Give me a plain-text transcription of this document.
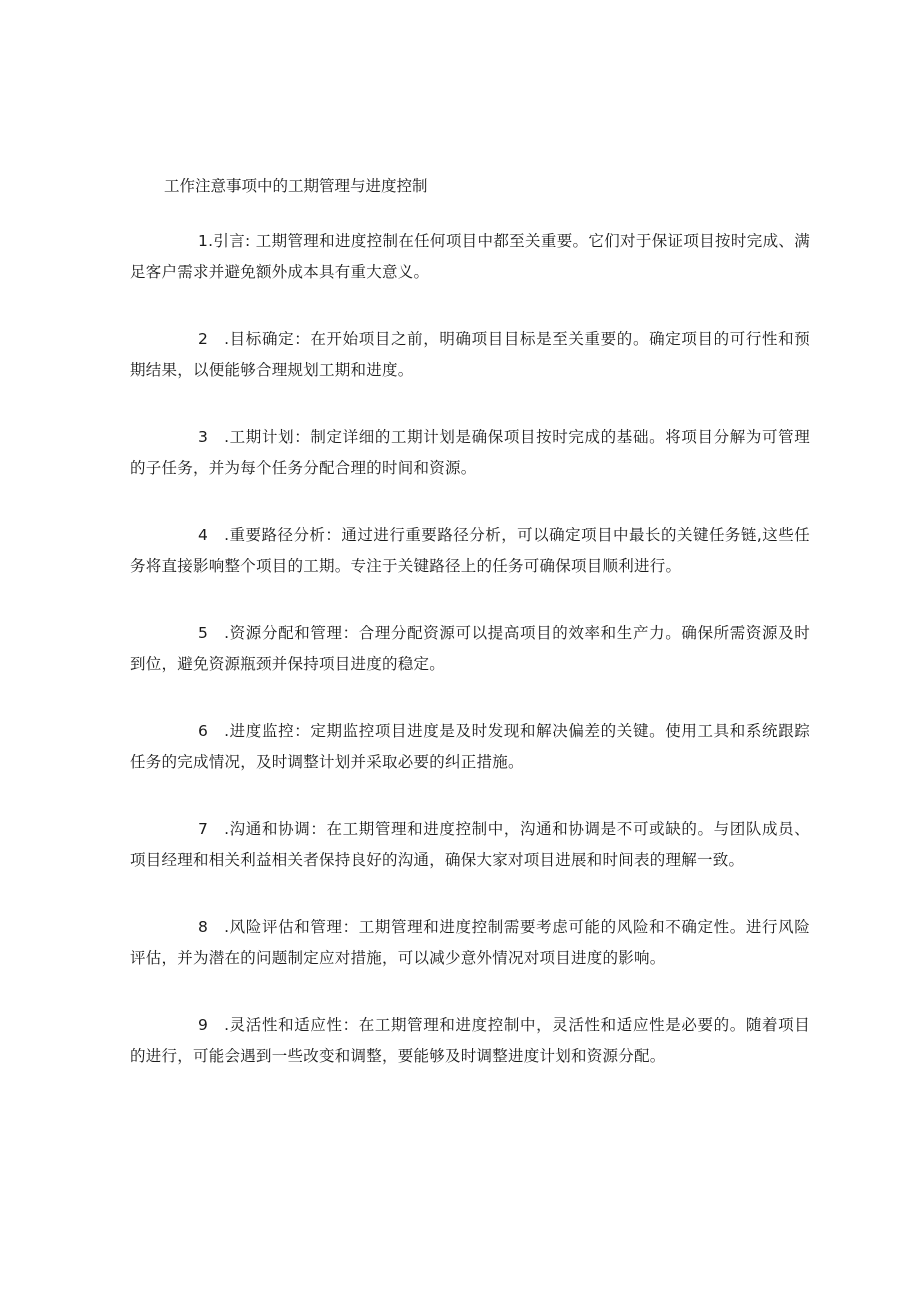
工作注意事项中的工期管理与进度控制

1.引言: 工期管理和进度控制在任何项目中都至关重要。它们对于保证项目按时完成、满足客户需求并避免额外成本具有重大意义。

2 .目标确定：在开始项目之前，明确项目目标是至关重要的。确定项目的可行性和预期结果，以便能够合理规划工期和进度。

3 .工期计划：制定详细的工期计划是确保项目按时完成的基础。将项目分解为可管理的子任务，并为每个任务分配合理的时间和资源。

4 .重要路径分析：通过进行重要路径分析，可以确定项目中最长的关键任务链,这些任务将直接影响整个项目的工期。专注于关键路径上的任务可确保项目顺利进行。

5 .资源分配和管理：合理分配资源可以提高项目的效率和生产力。确保所需资源及时到位，避免资源瓶颈并保持项目进度的稳定。

6 .进度监控：定期监控项目进度是及时发现和解决偏差的关键。使用工具和系统跟踪任务的完成情况，及时调整计划并采取必要的纠正措施。

7 .沟通和协调：在工期管理和进度控制中，沟通和协调是不可或缺的。与团队成员、项目经理和相关利益相关者保持良好的沟通，确保大家对项目进展和时间表的理解一致。

8 .风险评估和管理：工期管理和进度控制需要考虑可能的风险和不确定性。进行风险评估，并为潜在的问题制定应对措施，可以减少意外情况对项目进度的影响。

9 .灵活性和适应性：在工期管理和进度控制中，灵活性和适应性是必要的。随着项目的进行，可能会遇到一些改变和调整，要能够及时调整进度计划和资源分配。
